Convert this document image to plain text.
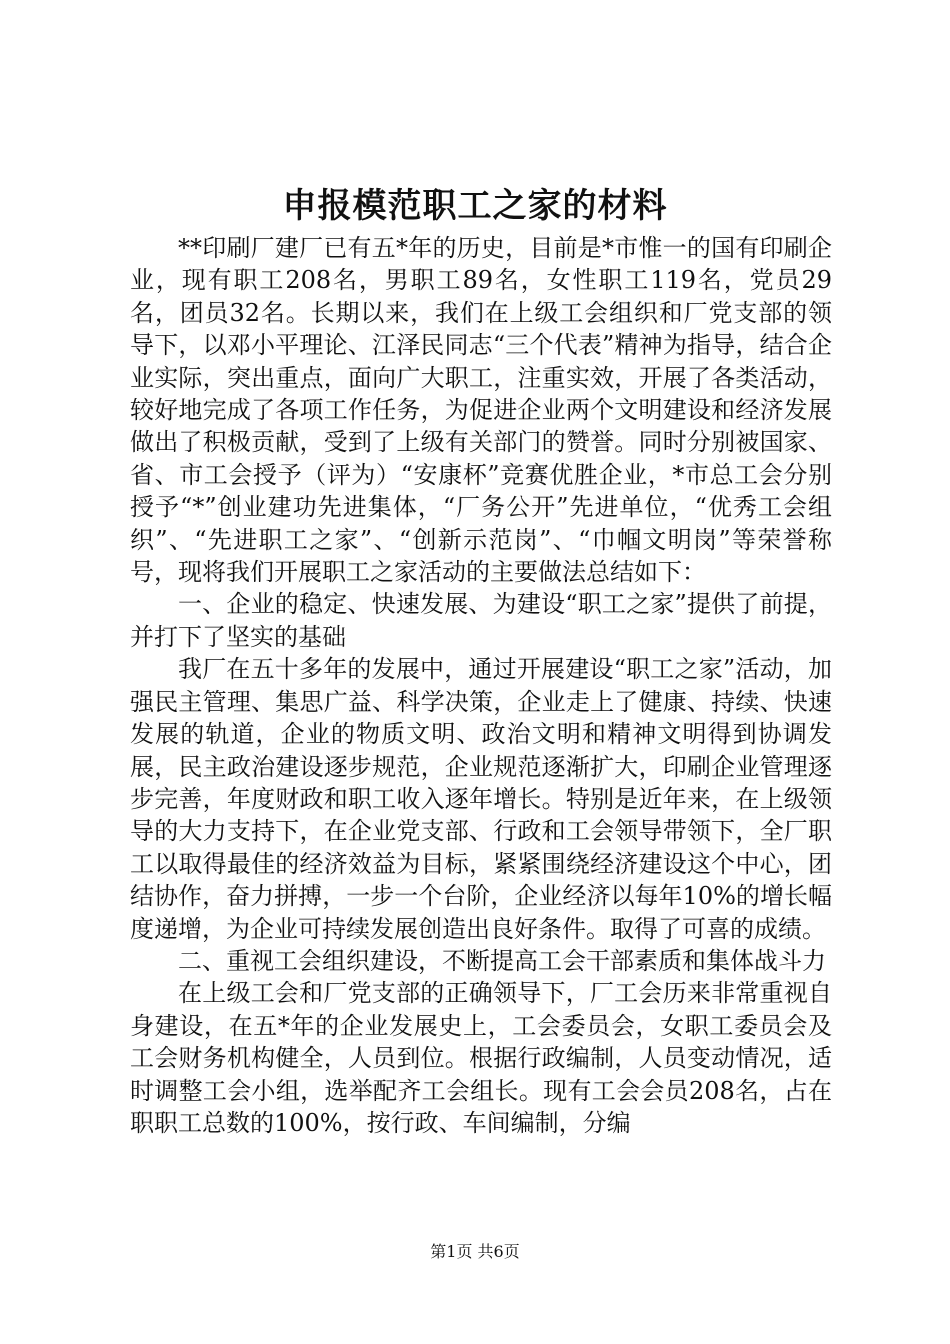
申报模范职工之家的材料

**印刷厂建厂已有五*年的历史，目前是*市惟一的国有印刷企业，现有职工208名，男职工89名，女性职工119名，党员29名，团员32名。长期以来，我们在上级工会组织和厂党支部的领导下，以邓小平理论、江泽民同志“三个代表”精神为指导，结合企业实际，突出重点，面向广大职工，注重实效，开展了各类活动，较好地完成了各项工作任务，为促进企业两个文明建设和经济发展做出了积极贡献，受到了上级有关部门的赞誉。同时分别被国家、省、市工会授予（评为）“安康杯”竞赛优胜企业，*市总工会分别授予“*”创业建功先进集体，“厂务公开”先进单位，“优秀工会组织”、“先进职工之家”、“创新示范岗”、“巾帼文明岗”等荣誉称号，现将我们开展职工之家活动的主要做法总结如下：

一、企业的稳定、快速发展、为建设“职工之家”提供了前提，并打下了坚实的基础

我厂在五十多年的发展中，通过开展建设“职工之家”活动，加强民主管理、集思广益、科学决策，企业走上了健康、持续、快速发展的轨道，企业的物质文明、政治文明和精神文明得到协调发展，民主政治建设逐步规范，企业规范逐渐扩大，印刷企业管理逐步完善，年度财政和职工收入逐年增长。特别是近年来，在上级领导的大力支持下，在企业党支部、行政和工会领导带领下，全厂职工以取得最佳的经济效益为目标，紧紧围绕经济建设这个中心，团结协作，奋力拼搏，一步一个台阶，企业经济以每年10%的增长幅度递增，为企业可持续发展创造出良好条件。取得了可喜的成绩。

二、重视工会组织建设，不断提高工会干部素质和集体战斗力

在上级工会和厂党支部的正确领导下，厂工会历来非常重视自身建设，在五*年的企业发展史上，工会委员会，女职工委员会及工会财务机构健全，人员到位。根据行政编制，人员变动情况，适时调整工会小组，选举配齐工会组长。现有工会会员208名，占在职职工总数的100%，按行政、车间编制，分编

第1页 共6页
